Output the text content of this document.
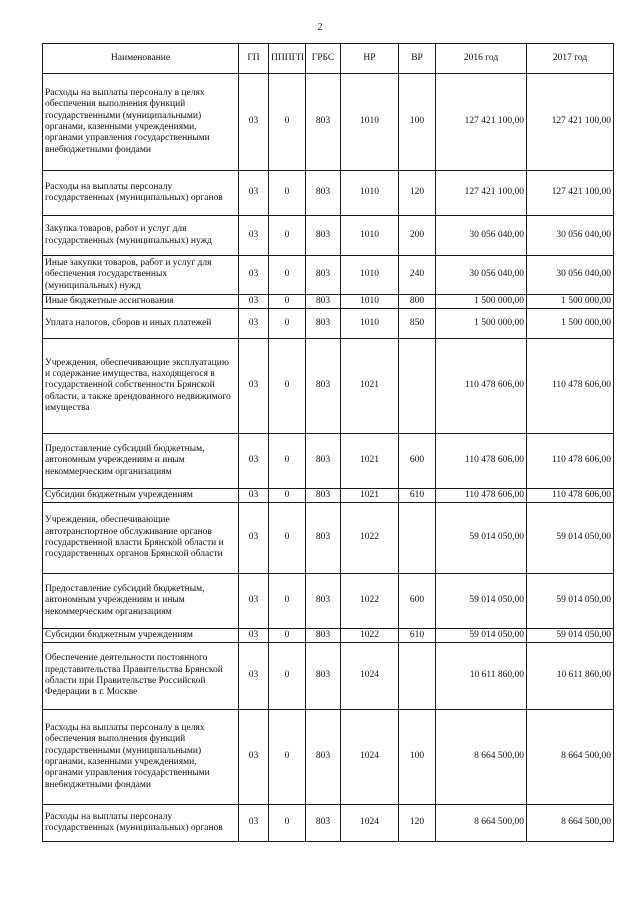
2
Наименование	ГП	ПППГП	ГРБС	НР	ВР	2016 год	2017 год
Расходы на выплаты персоналу в целях обеспечения выполнения функций государственными (муниципальными) органами, казенными учреждениями, органами управления государственными внебюджетными фондами	03	0	803	1010	100	127 421 100,00	127 421 100,00
Расходы на выплаты персоналу государственных (муниципальных) органов	03	0	803	1010	120	127 421 100,00	127 421 100,00
Закупка товаров, работ и услуг для государственных (муниципальных) нужд	03	0	803	1010	200	30 056 040,00	30 056 040,00
Иные закупки товаров, работ и услуг для обеспечения государственных (муниципальных) нужд	03	0	803	1010	240	30 056 040,00	30 056 040,00
Иные бюджетные ассигнования	03	0	803	1010	800	1 500 000,00	1 500 000,00
Уплата налогов, сборов и иных платежей	03	0	803	1010	850	1 500 000,00	1 500 000,00
Учреждения, обеспечивающие эксплуатацию и содержание имущества, находящегося в государственной собственности Брянской области, а также арендованного недвижимого имущества	03	0	803	1021		110 478 606,00	110 478 606,00
Предоставление субсидий бюджетным, автономным учреждениям и иным некоммерческим организациям	03	0	803	1021	600	110 478 606,00	110 478 606,00
Субсидии бюджетным учреждениям	03	0	803	1021	610	110 478 606,00	110 478 606,00
Учреждения, обеспечивающие автотранспортное обслуживание органов государственной власти Брянской области и государственных органов Брянской области	03	0	803	1022		59 014 050,00	59 014 050,00
Предоставление субсидий бюджетным, автономным учреждениям и иным некоммерческим организациям	03	0	803	1022	600	59 014 050,00	59 014 050,00
Субсидии бюджетным учреждениям	03	0	803	1022	610	59 014 050,00	59 014 050,00
Обеспечение деятельности постоянного представительства Правительства Брянской области при Правительстве Российской Федерации в г. Москве	03	0	803	1024		10 611 860,00	10 611 860,00
Расходы на выплаты персоналу в целях обеспечения выполнения функций государственными (муниципальными) органами, казенными учреждениями, органами управления государственными внебюджетными фондами	03	0	803	1024	100	8 664 500,00	8 664 500,00
Расходы на выплаты персоналу государственных (муниципальных) органов	03	0	803	1024	120	8 664 500,00	8 664 500,00
